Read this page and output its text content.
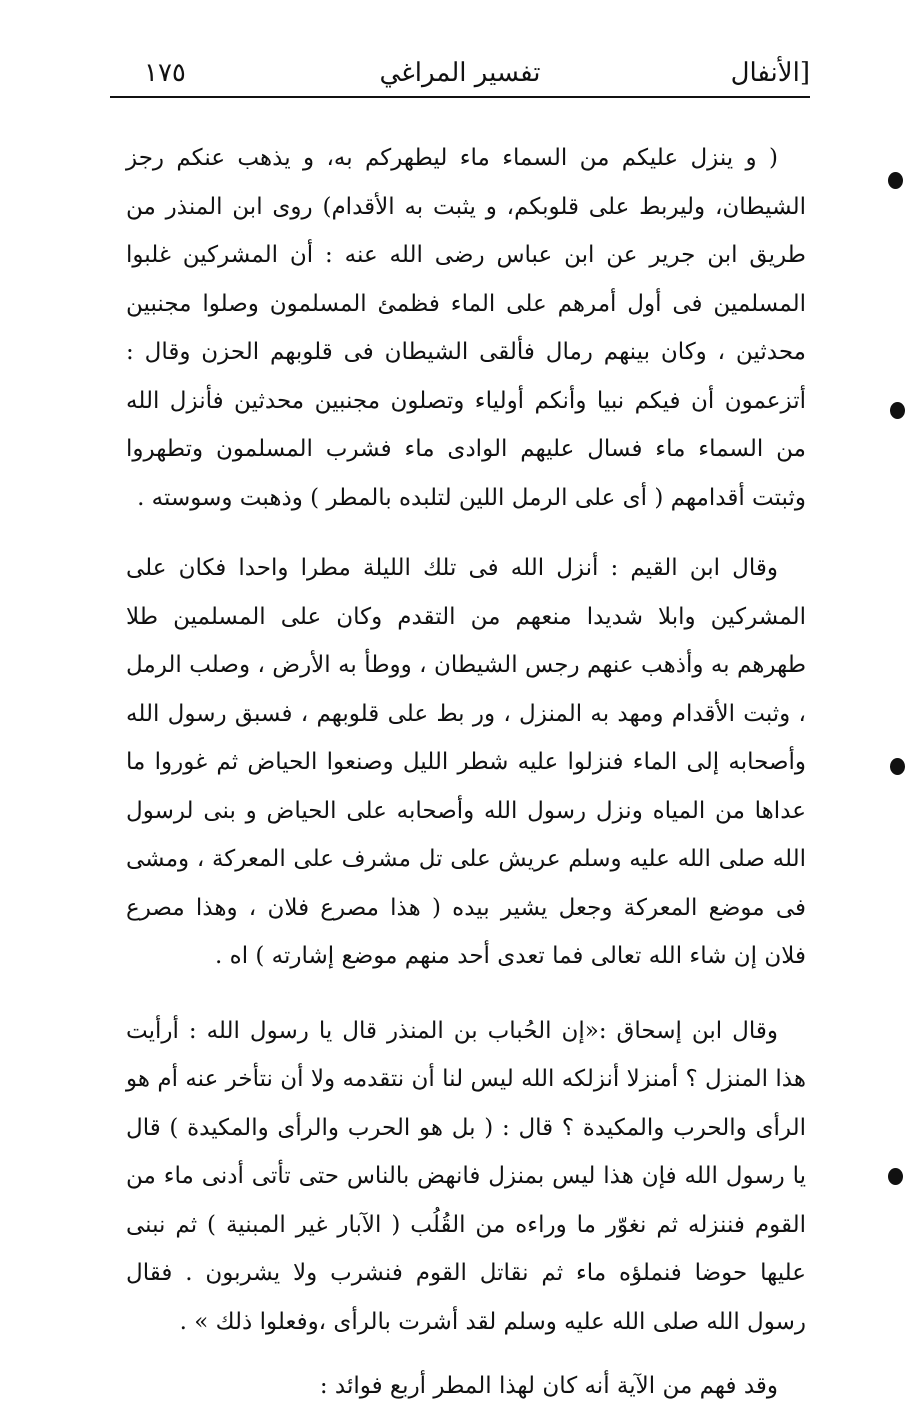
الأنفال]
تفسير المراغي
١٧٥

( و ينزل عليكم من السماء ماء ليطهركم به، و يذهب عنكم رجز الشيطان، وليربط على قلوبكم، و يثبت به الأقدام) روى ابن المنذر من طريق ابن جرير عن ابن عباس رضى الله عنه : أن المشركين غلبوا المسلمين فى أول أمرهم على الماء فظمئ المسلمون وصلوا مجنبين محدثين ، وكان بينهم رمال فألقى الشيطان فى قلوبهم الحزن وقال : أتزعمون أن فيكم نبيا وأنكم أولياء وتصلون مجنبين محدثين فأنزل الله من السماء ماء فسال عليهم الوادى ماء فشرب المسلمون وتطهروا وثبتت أقدامهم ( أى على الرمل اللين لتلبده بالمطر ) وذهبت وسوسته .

وقال ابن القيم : أنزل الله فى تلك الليلة مطرا واحدا فكان على المشركين وابلا شديدا منعهم من التقدم وكان على المسلمين طلا طهرهم به وأذهب عنهم رجس الشيطان ، ووطأ به الأرض ، وصلب الرمل ، وثبت الأقدام ومهد به المنزل ، ور بط على قلوبهم ، فسبق رسول الله وأصحابه إلى الماء فنزلوا عليه شطر الليل وصنعوا الحياض ثم غوروا ما عداها من المياه ونزل رسول الله وأصحابه على الحياض و بنى لرسول الله صلى الله عليه وسلم عريش على تل مشرف على المعركة ، ومشى فى موضع المعركة وجعل يشير بيده ( هذا مصرع فلان ، وهذا مصرع فلان إن شاء الله تعالى فما تعدى أحد منهم موضع إشارته ) اه .

وقال ابن إسحاق :«إن الحُباب بن المنذر قال يا رسول الله : أرأيت هذا المنزل ؟ أمنزلا أنزلكه الله ليس لنا أن نتقدمه ولا أن نتأخر عنه أم هو الرأى والحرب والمكيدة ؟ قال : ( بل هو الحرب والرأى والمكيدة ) قال يا رسول الله فإن هذا ليس بمنزل فانهض بالناس حتى تأتى أدنى ماء من القوم فننزله ثم نغوّر ما وراءه من القُلُب ( الآبار غير المبنية ) ثم نبنى عليها حوضا فنملؤه ماء ثم نقاتل القوم فنشرب ولا يشربون . فقال رسول الله صلى الله عليه وسلم لقد أشرت بالرأى ،وفعلوا ذلك » .

وقد فهم من الآية أنه كان لهذا المطر أربع فوائد :
